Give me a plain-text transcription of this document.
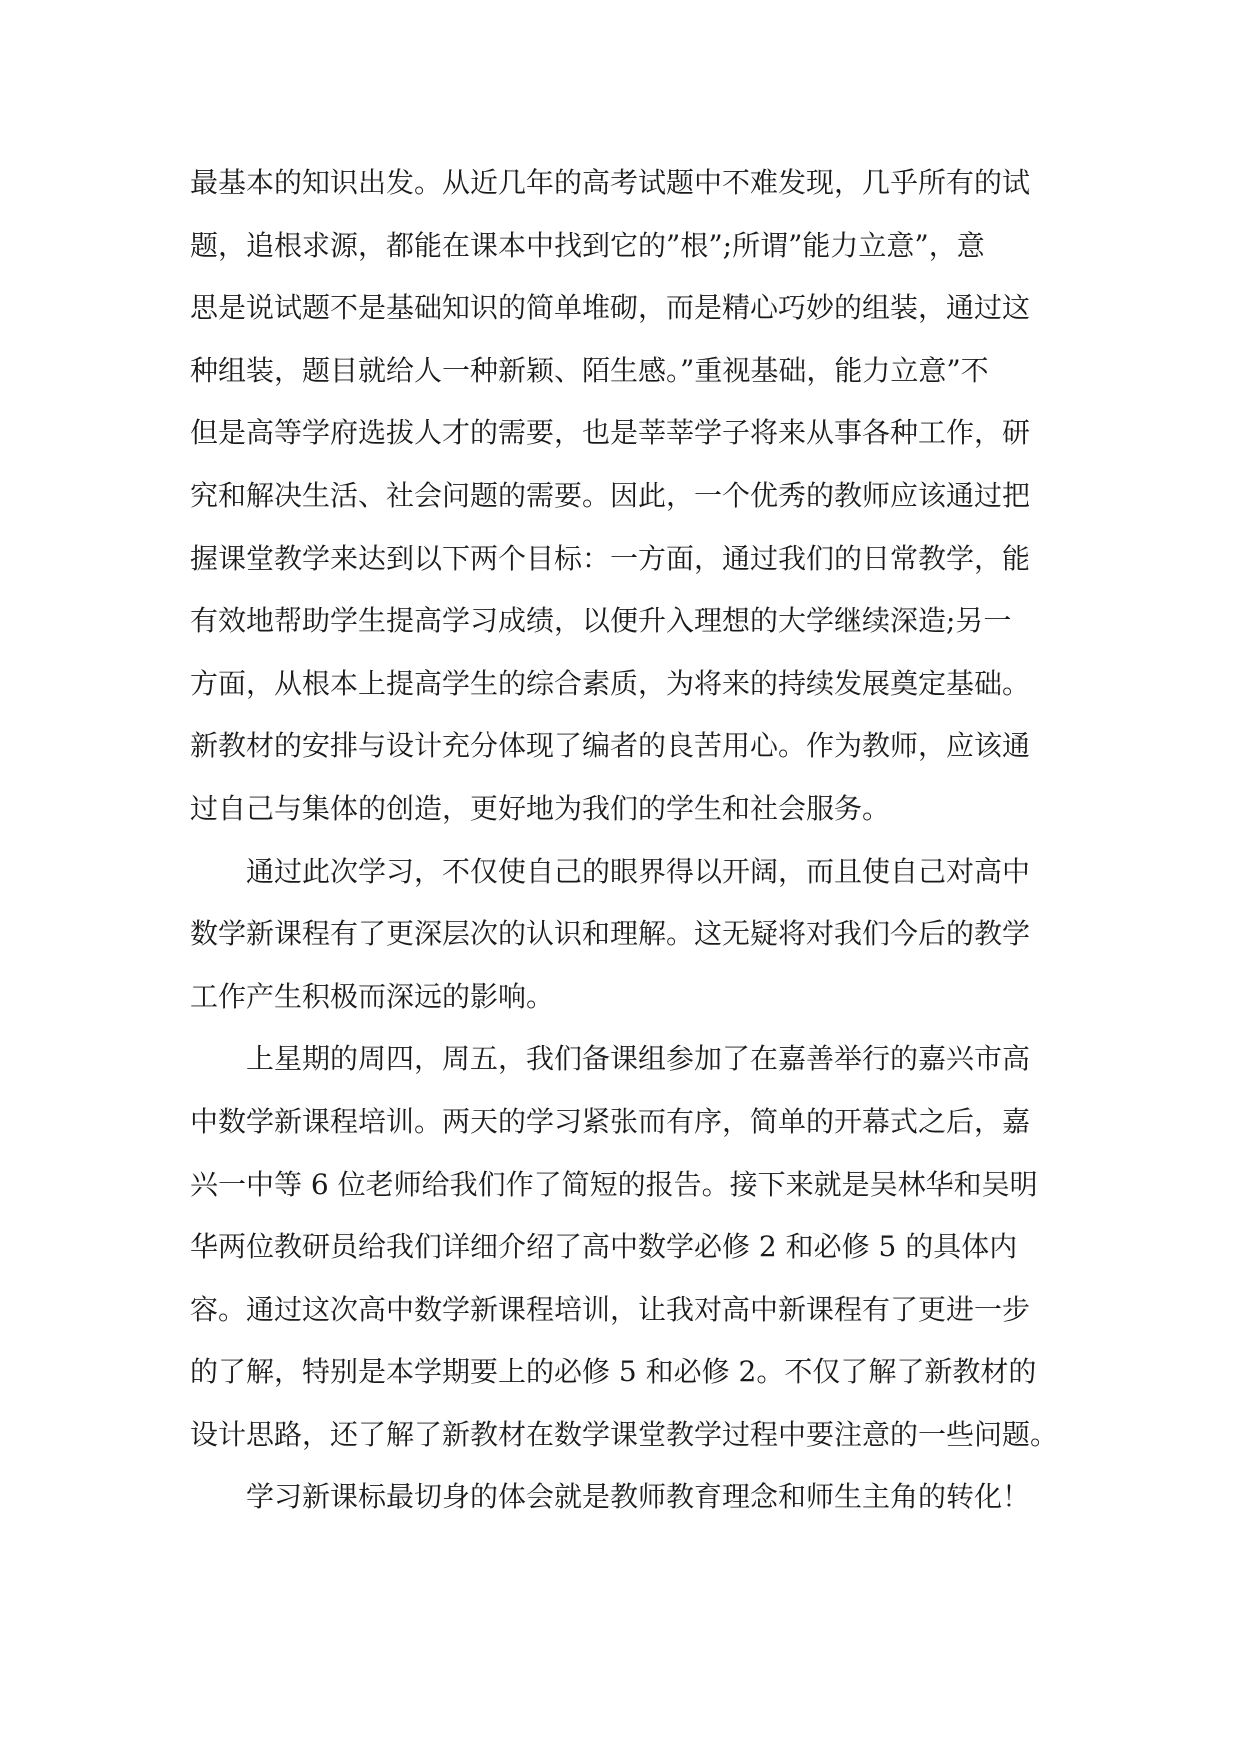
最基本的知识出发。从近几年的高考试题中不难发现，几乎所有的试
题，追根求源，都能在课本中找到它的”根”;所谓”能力立意”，意
思是说试题不是基础知识的简单堆砌，而是精心巧妙的组装，通过这
种组装，题目就给人一种新颖、陌生感。”重视基础，能力立意”不
但是高等学府选拔人才的需要，也是莘莘学子将来从事各种工作，研
究和解决生活、社会问题的需要。因此，一个优秀的教师应该通过把
握课堂教学来达到以下两个目标：一方面，通过我们的日常教学，能
有效地帮助学生提高学习成绩，以便升入理想的大学继续深造;另一
方面，从根本上提高学生的综合素质，为将来的持续发展奠定基础。
新教材的安排与设计充分体现了编者的良苦用心。作为教师，应该通
过自己与集体的创造，更好地为我们的学生和社会服务。

通过此次学习，不仅使自己的眼界得以开阔，而且使自己对高中
数学新课程有了更深层次的认识和理解。这无疑将对我们今后的教学
工作产生积极而深远的影响。

上星期的周四，周五，我们备课组参加了在嘉善举行的嘉兴市高
中数学新课程培训。两天的学习紧张而有序，简单的开幕式之后，嘉
兴一中等 6 位老师给我们作了简短的报告。接下来就是吴林华和吴明
华两位教研员给我们详细介绍了高中数学必修 2 和必修 5 的具体内
容。通过这次高中数学新课程培训，让我对高中新课程有了更进一步
的了解，特别是本学期要上的必修 5 和必修 2。不仅了解了新教材的
设计思路，还了解了新教材在数学课堂教学过程中要注意的一些问题。

学习新课标最切身的体会就是教师教育理念和师生主角的转化！
